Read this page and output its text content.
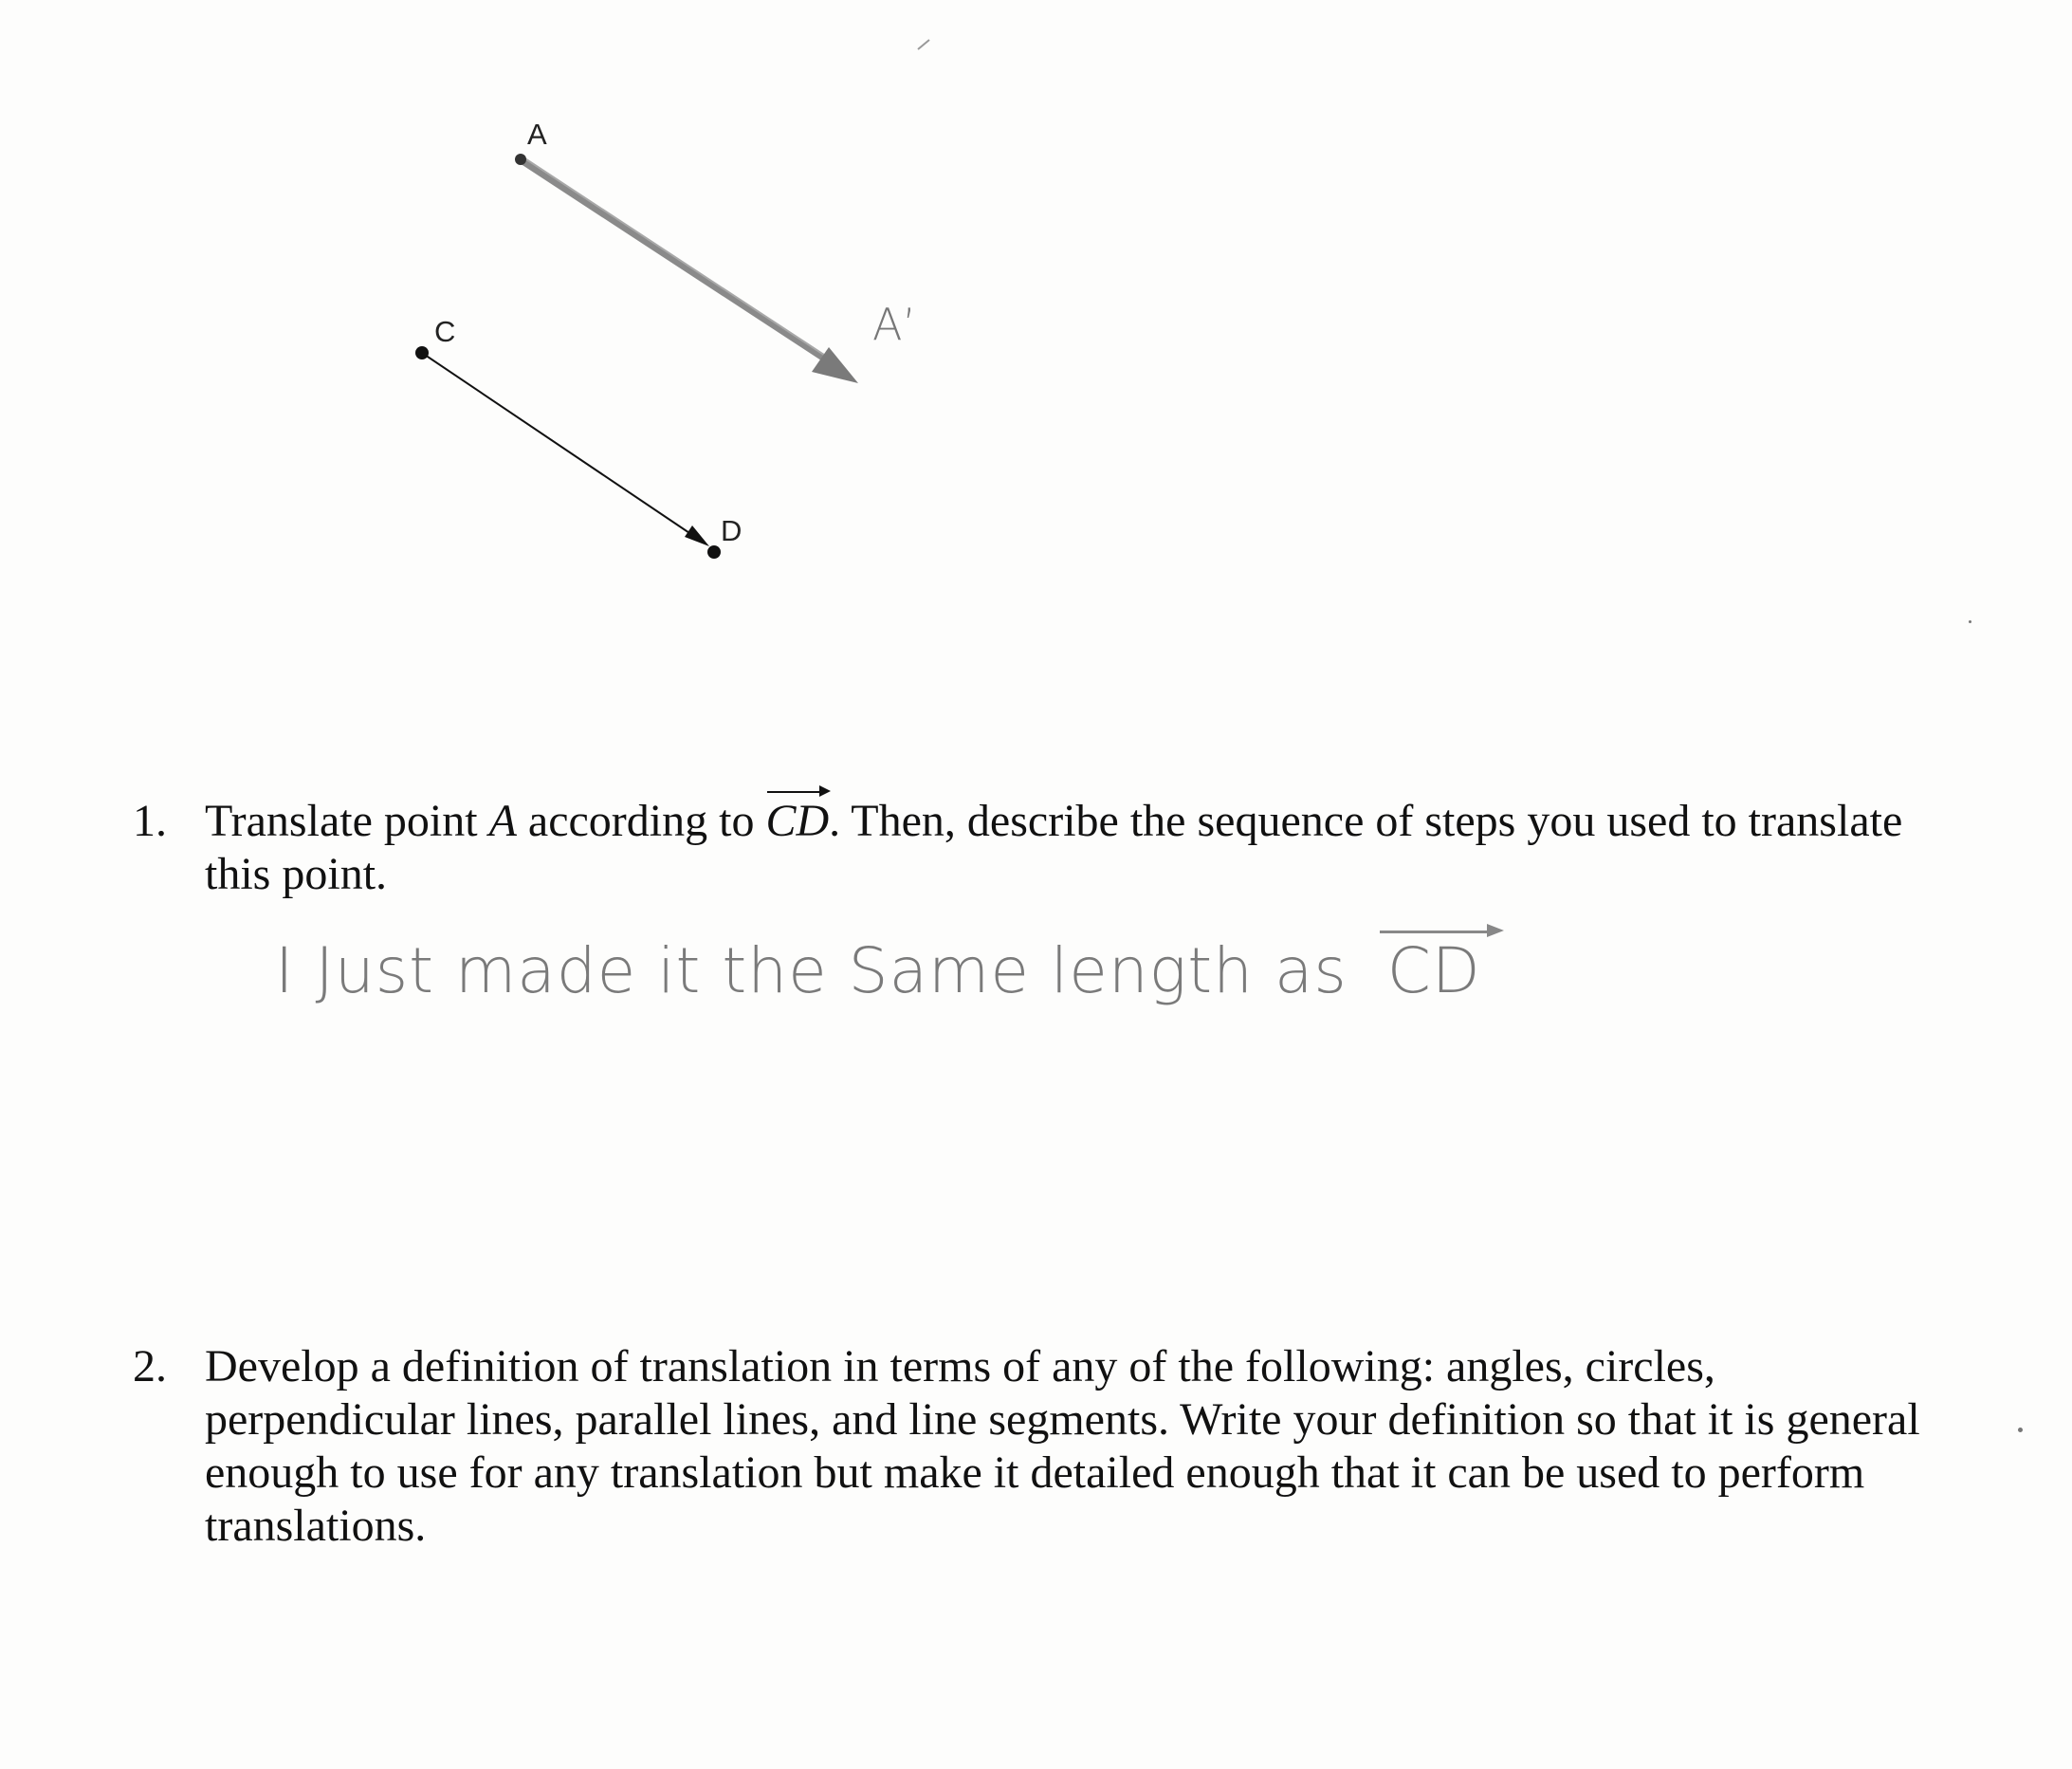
C
D
A
A’
1. Translate point A according to CD. Then, describe the sequence of steps you used to translate this point.
I Just made it the Same length as CD
2. Develop a definition of translation in terms of any of the following: angles, circles, perpendicular lines, parallel lines, and line segments. Write your definition so that it is general enough to use for any translation but make it detailed enough that it can be used to perform translations.
